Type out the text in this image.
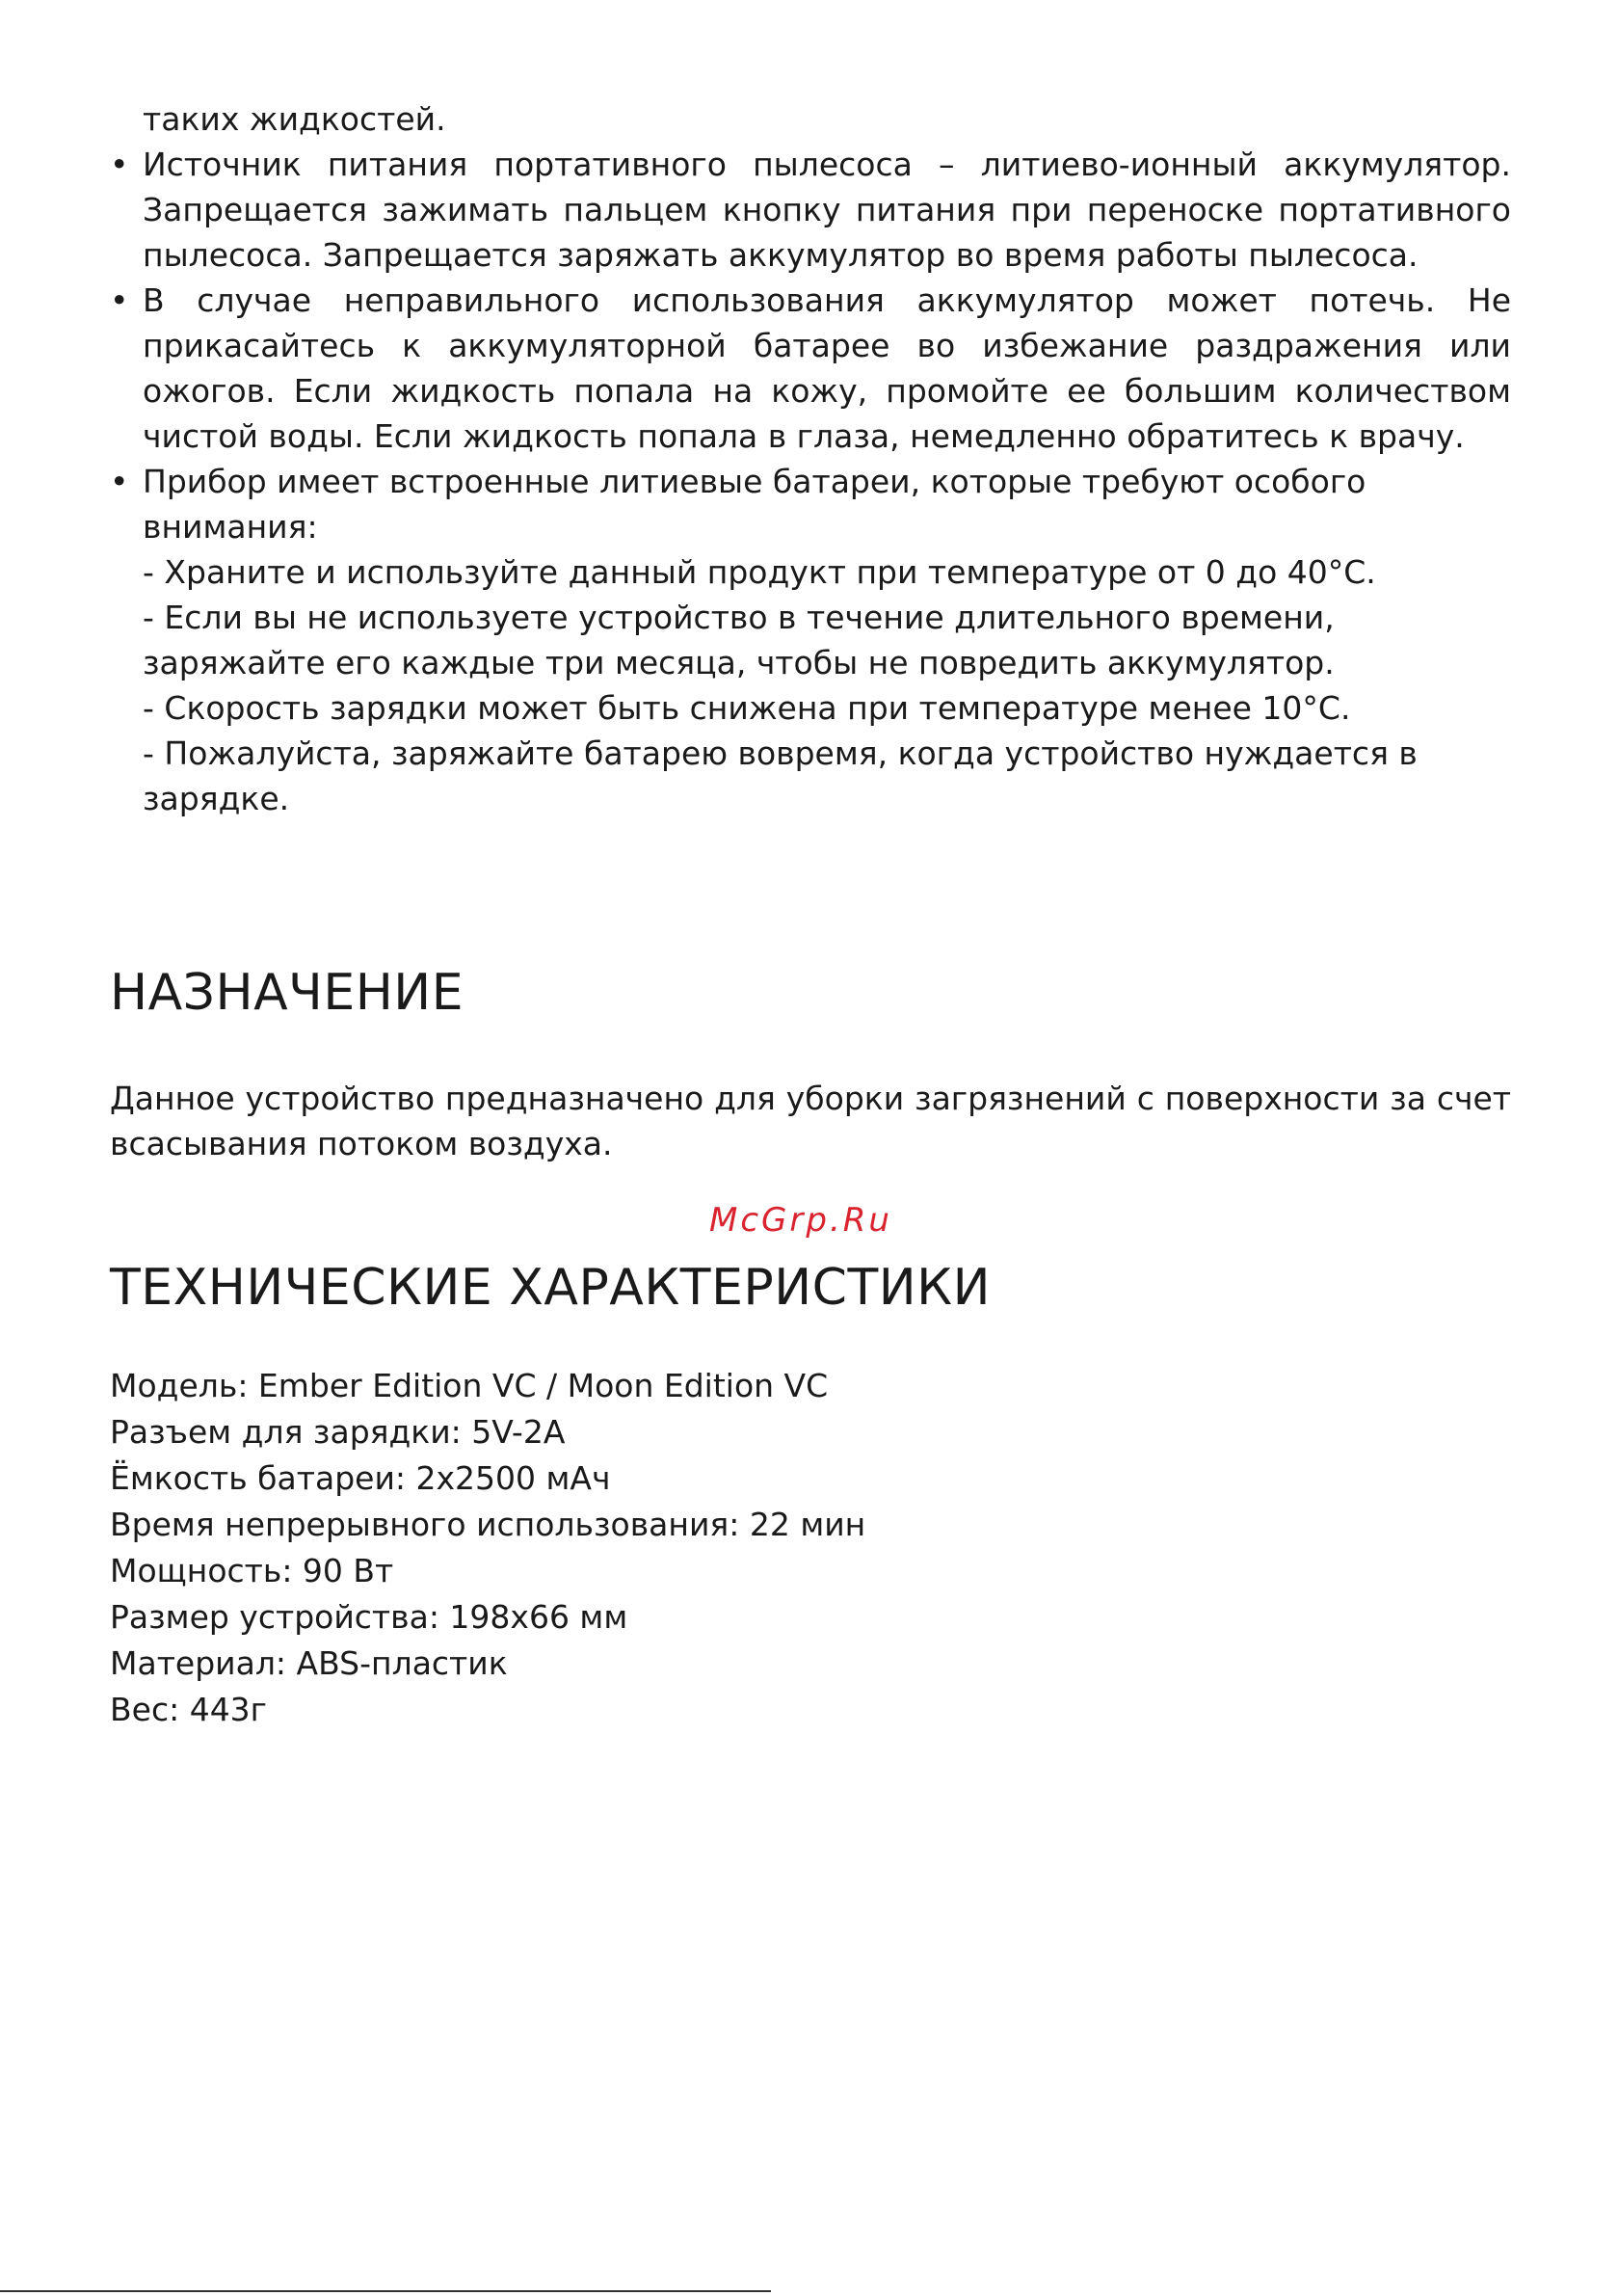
таких жидкостей.

• Источник питания портативного пылесоса – литиево-ионный аккумулятор. Запрещается зажимать пальцем кнопку питания при переноске портативного пылесоса. Запрещается заряжать аккумулятор во время работы пылесоса.
• В случае неправильного использования аккумулятор может потечь. Не прикасайтесь к аккумуляторной батарее во избежание раздражения или ожогов. Если жидкость попала на кожу, промойте ее большим количеством чистой воды. Если жидкость попала в глаза, немедленно обратитесь к врачу.
• Прибор имеет встроенные литиевые батареи, которые требуют особого внимания:
- Храните и используйте данный продукт при температуре от 0 до 40°C.
- Если вы не используете устройство в течение длительного времени, заряжайте его каждые три месяца, чтобы не повредить аккумулятор.
- Скорость зарядки может быть снижена при температуре менее 10°C.
- Пожалуйста, заряжайте батарею вовремя, когда устройство нуждается в зарядке.
НАЗНАЧЕНИЕ

Данное устройство предназначено для уборки загрязнений с поверхности за счет всасывания потоком воздуха.

McGrp.Ru

ТЕХНИЧЕСКИЕ ХАРАКТЕРИСТИКИ
Модель: Ember Edition VC / Moon Edition VC
Разъем для зарядки: 5V-2A
Ёмкость батареи: 2x2500 мАч
Время непрерывного использования: 22 мин
Мощность: 90 Вт
Размер устройства: 198x66 мм
Материал: ABS-пластик
Вес: 443г
